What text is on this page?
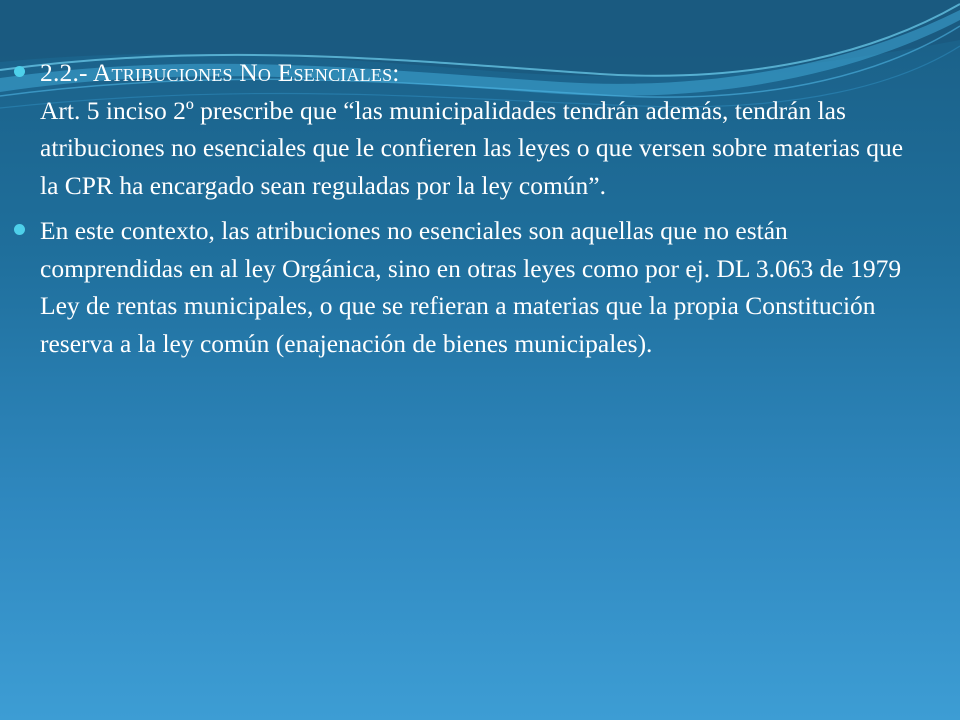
2.2.- Atribuciones No Esenciales:
Art. 5 inciso 2º prescribe que “las municipalidades tendrán además, tendrán las atribuciones no esenciales que le confieren las leyes o que versen sobre materias que la CPR ha encargado sean reguladas por la ley común”.
En este contexto, las atribuciones no esenciales son aquellas que no están comprendidas en al ley Orgánica, sino en otras leyes como por ej. DL 3.063 de 1979 Ley de rentas municipales, o que se refieran a materias que la propia Constitución reserva a la ley común (enajenación de bienes municipales).
